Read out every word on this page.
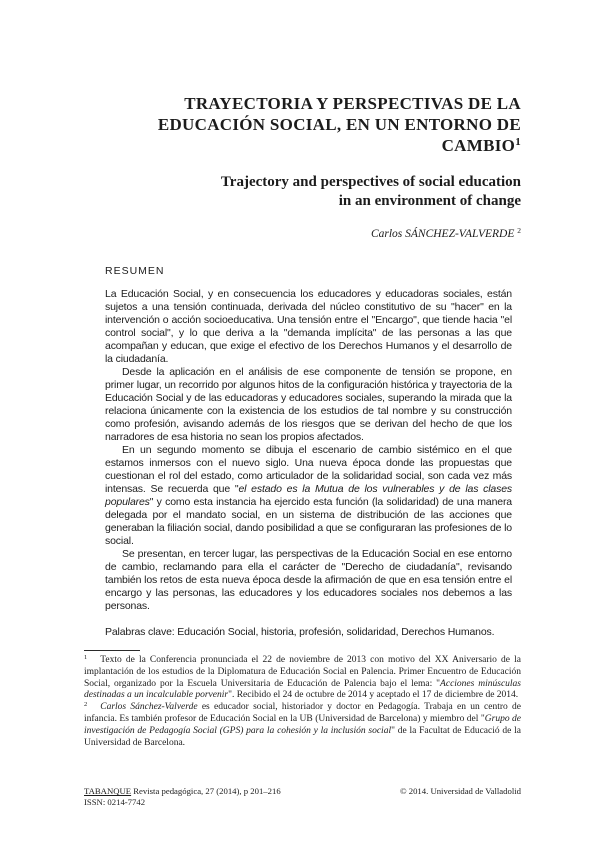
TRAYECTORIA Y PERSPECTIVAS DE LA
EDUCACIÓN SOCIAL, EN UN ENTORNO DE CAMBIO$^1$
Trajectory and perspectives of social education
in an environment of change
Carlos SÁNCHEZ-VALVERDE $^2$
RESUMEN

La Educación Social, y en consecuencia los educadores y educadoras sociales, están sujetos a una tensión continuada, derivada del núcleo constitutivo de su "hacer" en la intervención o acción socioeducativa. Una tensión entre el "Encargo", que tiende hacia "el control social", y lo que deriva a la "demanda implícita" de las personas a las que acompañan y educan, que exige el efectivo de los Derechos Humanos y el desarrollo de la ciudadanía.

Desde la aplicación en el análisis de ese componente de tensión se propone, en primer lugar, un recorrido por algunos hitos de la configuración histórica y trayectoria de la Educación Social y de las educadoras y educadores sociales, superando la mirada que la relaciona únicamente con la existencia de los estudios de tal nombre y su construcción como profesión, avisando además de los riesgos que se derivan del hecho de que los narradores de esa historia no sean los propios afectados.

En un segundo momento se dibuja el escenario de cambio sistémico en el que estamos inmersos con el nuevo siglo. Una nueva época donde las propuestas que cuestionan el rol del estado, como articulador de la solidaridad social, son cada vez más intensas. Se recuerda que "el estado es la Mutua de los vulnerables y de las clases populares" y como esta instancia ha ejercido esta función (la solidaridad) de una manera delegada por el mandato social, en un sistema de distribución de las acciones que generaban la filiación social, dando posibilidad a que se configuraran las profesiones de lo social.

Se presentan, en tercer lugar, las perspectivas de la Educación Social en ese entorno de cambio, reclamando para ella el carácter de "Derecho de ciudadanía", revisando también los retos de esta nueva época desde la afirmación de que en esa tensión entre el encargo y las personas, las educadores y los educadores sociales nos debemos a las personas.

Palabras clave: Educación Social, historia, profesión, solidaridad, Derechos Humanos.

$^1$ Texto de la Conferencia pronunciada el 22 de noviembre de 2013 con motivo del XX Aniversario de la implantación de los estudios de la Diplomatura de Educación Social en Palencia. Primer Encuentro de Educación Social, organizado por la Escuela Universitaria de Educación de Palencia bajo el lema: "Acciones minúsculas destinadas a un incalculable porvenir". Recibido el 24 de octubre de 2014 y aceptado el 17 de diciembre de 2014.

$^2$ Carlos Sánchez-Valverde es educador social, historiador y doctor en Pedagogía. Trabaja en un centro de infancia. Es también profesor de Educación Social en la UB (Universidad de Barcelona) y miembro del "Grupo de investigación de Pedagogía Social (GPS) para la cohesión y la inclusión social" de la Facultat de Educació de la Universidad de Barcelona.

TABANQUE Revista pedagógica, 27 (2014), p 201–216
ISSN: 0214-7742
© 2014. Universidad de Valladolid
